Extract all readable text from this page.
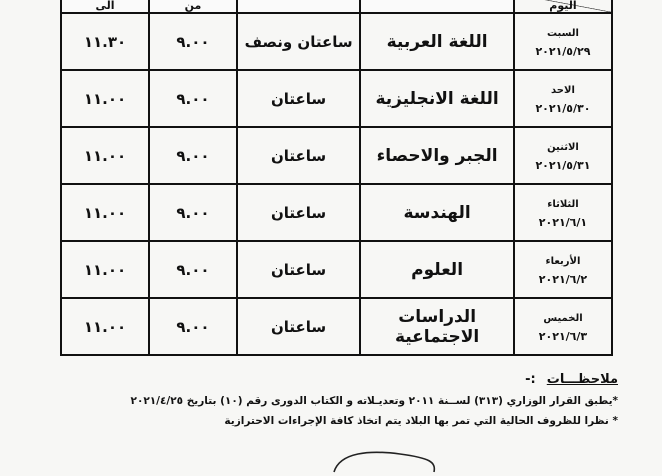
اليوم			من	الى

السبت
٢٠٢١/٥/٢٩	اللغة العربية	ساعتان ونصف	٩.٠٠	١١.٣٠

الاحد
٢٠٢١/٥/٣٠	اللغة الانجليزية	ساعتان	٩.٠٠	١١.٠٠

الاثنين
٢٠٢١/٥/٣١	الجبر والاحصاء	ساعتان	٩.٠٠	١١.٠٠

الثلاثاء
٢٠٢١/٦/١	الهندسة	ساعتان	٩.٠٠	١١.٠٠

الأربعاء
٢٠٢١/٦/٢	العلوم	ساعتان	٩.٠٠	١١.٠٠

الخميس
٢٠٢١/٦/٣	الدراسات الاجتماعية	ساعتان	٩.٠٠	١١.٠٠
ملاحظـــات :-
*يطبق القرار الوزاري (٣١٣) لســنة ٢٠١١ وتعديـلاته و الكتاب الدورى رقم (١٠) بتاريخ ٢٠٢١/٤/٢٥
* نظرا للظروف الحالية التي تمر بها البلاد يتم اتخاذ كافة الإجراءات الاحترازية
